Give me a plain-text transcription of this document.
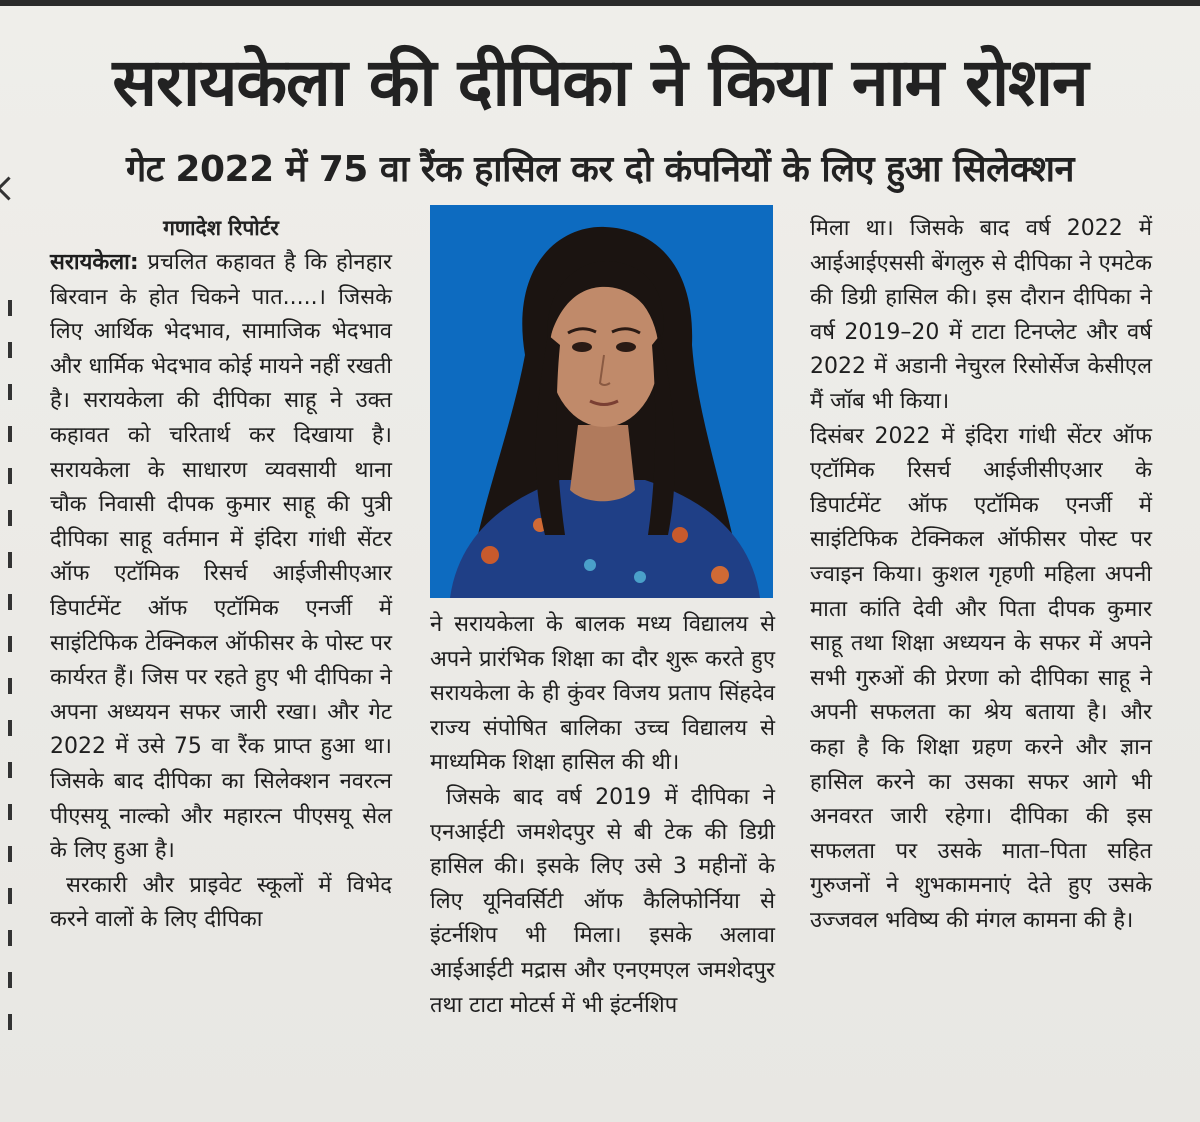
सरायकेला की दीपिका ने किया नाम रोशन
गेट 2022 में 75 वा रैंक हासिल कर दो कंपनियों के लिए हुआ सिलेक्शन
गणादेश रिपोर्टर

सरायकेला: प्रचलित कहावत है कि होनहार बिरवान के होत चिकने पात.....। जिसके लिए आर्थिक भेदभाव, सामाजिक भेदभाव और धार्मिक भेदभाव कोई मायने नहीं रखती है। सरायकेला की दीपिका साहू ने उक्त कहावत को चरितार्थ कर दिखाया है। सरायकेला के साधारण व्यवसायी थाना चौक निवासी दीपक कुमार साहू की पुत्री दीपिका साहू वर्तमान में इंदिरा गांधी सेंटर ऑफ एटॉमिक रिसर्च आईजीसीएआर डिपार्टमेंट ऑफ एटॉमिक एनर्जी में साइंटिफिक टेक्निकल ऑफीसर के पोस्ट पर कार्यरत हैं। जिस पर रहते हुए भी दीपिका ने अपना अध्ययन सफर जारी रखा। और गेट 2022 में उसे 75 वा रैंक प्राप्त हुआ था। जिसके बाद दीपिका का सिलेक्शन नवरत्न पीएसयू नाल्को और महारत्न पीएसयू सेल के लिए हुआ है।

सरकारी और प्राइवेट स्कूलों में विभेद करने वालों के लिए दीपिका

ने सरायकेला के बालक मध्य विद्यालय से अपने प्रारंभिक शिक्षा का दौर शुरू करते हुए सरायकेला के ही कुंवर विजय प्रताप सिंहदेव राज्य संपोषित बालिका उच्च विद्यालय से माध्यमिक शिक्षा हासिल की थी।

जिसके बाद वर्ष 2019 में दीपिका ने एनआईटी जमशेदपुर से बी टेक की डिग्री हासिल की। इसके लिए उसे 3 महीनों के लिए यूनिवर्सिटी ऑफ कैलिफोर्निया से इंटर्नशिप भी मिला। इसके अलावा आईआईटी मद्रास और एनएमएल जमशेदपुर तथा टाटा मोटर्स में भी इंटर्नशिप

मिला था। जिसके बाद वर्ष 2022 में आईआईएससी बेंगलुरु से दीपिका ने एमटेक की डिग्री हासिल की। इस दौरान दीपिका ने वर्ष 2019–20 में टाटा टिनप्लेट और वर्ष 2022 में अडानी नेचुरल रिसोर्सेज केसीएल मैं जॉब भी किया।

दिसंबर 2022 में इंदिरा गांधी सेंटर ऑफ एटॉमिक रिसर्च आईजीसीएआर के डिपार्टमेंट ऑफ एटॉमिक एनर्जी में साइंटिफिक टेक्निकल ऑफीसर पोस्ट पर ज्वाइन किया। कुशल गृहणी महिला अपनी माता कांति देवी और पिता दीपक कुमार साहू तथा शिक्षा अध्ययन के सफर में अपने सभी गुरुओं की प्रेरणा को दीपिका साहू ने अपनी सफलता का श्रेय बताया है। और कहा है कि शिक्षा ग्रहण करने और ज्ञान हासिल करने का उसका सफर आगे भी अनवरत जारी रहेगा। दीपिका की इस सफलता पर उसके माता–पिता सहित गुरुजनों ने शुभकामनाएं देते हुए उसके उज्जवल भविष्य की मंगल कामना की है।
